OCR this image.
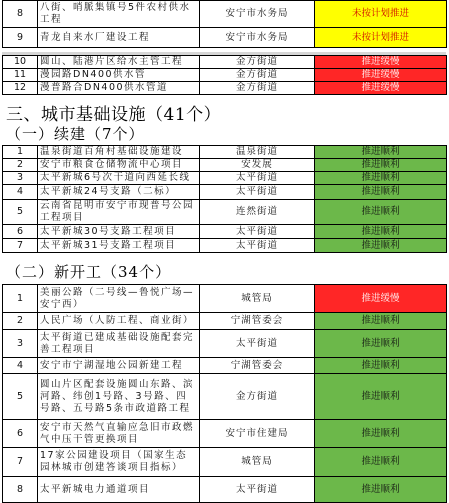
8	八街、哨脈集镇号5件农村供水工程	安宁市水务局	未按计划推进
9	青龙自来水厂建设工程	安宁市水务局	未按计划推进
10	圆山、陆港片区给水主管工程	金方街道	推进缓慢
11	漫园路DN400供水管	金方街道	推进缓慢
12	漫普路合DN400供水管道	金方街道	推进缓慢
三、城市基础设施（41个）
（一）续建（7个）
1	温泉街道百角村基础设施建设	温泉街道	推进顺利
2	安宁市粮食仓储物流中心项目	安发展	推进顺利
3	太平新城6号次干道向西延长线	太平街道	推进顺利
4	太平新城24号支路（二标）	太平街道	推进顺利
5	云南省昆明市安宁市现普号公园工程项目	连然街道	推进顺利
6	太平新城30号支路工程项目	太平街道	推进顺利
7	太平新城31号支路工程项目	太平街道	推进顺利
（二）新开工（34个）
1	美丽公路（二号线—鲁悦广场—安宁西）	城管局	推进缓慢
2	人民广场（人防工程、商业街）	宁湖管委会	推进顺利
3	太平街道已建成基础设施配套完善工程项目	太平街道	推进顺利
4	安宁市宁湖湿地公园新建工程	宁湖管委会	推进顺利
5	圆山片区配套设施圆山东路、滨河路、纬创1号路、3号路、四号路、五号路5条市政道路工程	金方街道	推进顺利
6	安宁市天然气直输应急旧市政燃气中压干管更换项目	安宁市住建局	推进顺利
7	17家公园建设项目（国家生态园林城市创建答谈项目指标）	城管局	推进顺利
8	太平新城电力通道项目	太平街道	推进顺利
